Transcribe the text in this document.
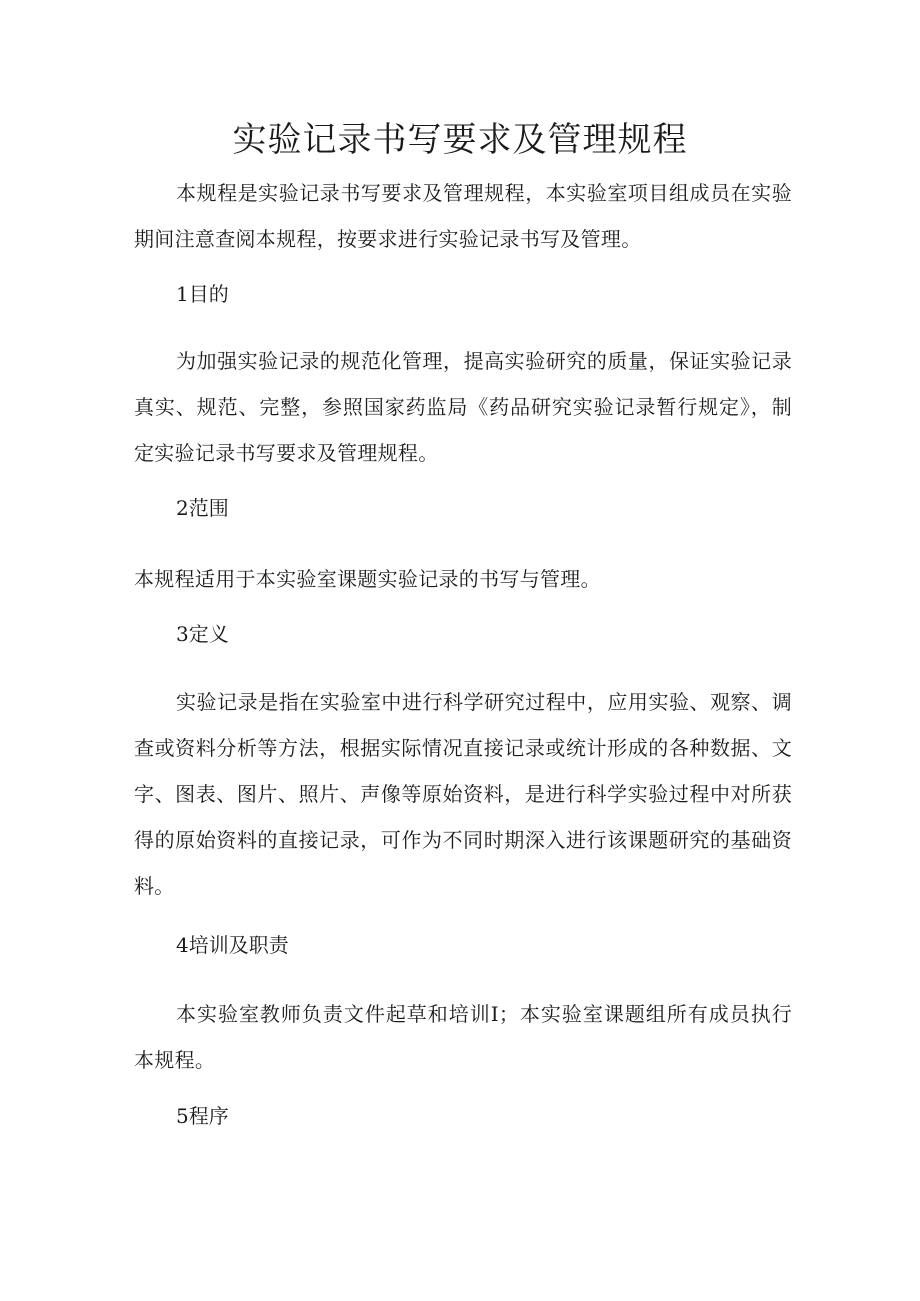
实验记录书写要求及管理规程

本规程是实验记录书写要求及管理规程，本实验室项目组成员在实验期间注意查阅本规程，按要求进行实验记录书写及管理。

1目的

为加强实验记录的规范化管理，提高实验研究的质量，保证实验记录真实、规范、完整，参照国家药监局《药品研究实验记录暂行规定》，制定实验记录书写要求及管理规程。

2范围

本规程适用于本实验室课题实验记录的书写与管理。

3定义

实验记录是指在实验室中进行科学研究过程中，应用实验、观察、调查或资料分析等方法，根据实际情况直接记录或统计形成的各种数据、文字、图表、图片、照片、声像等原始资料，是进行科学实验过程中对所获得的原始资料的直接记录，可作为不同时期深入进行该课题研究的基础资料。

4培训及职责

本实验室教师负责文件起草和培训I；本实验室课题组所有成员执行本规程。

5程序
